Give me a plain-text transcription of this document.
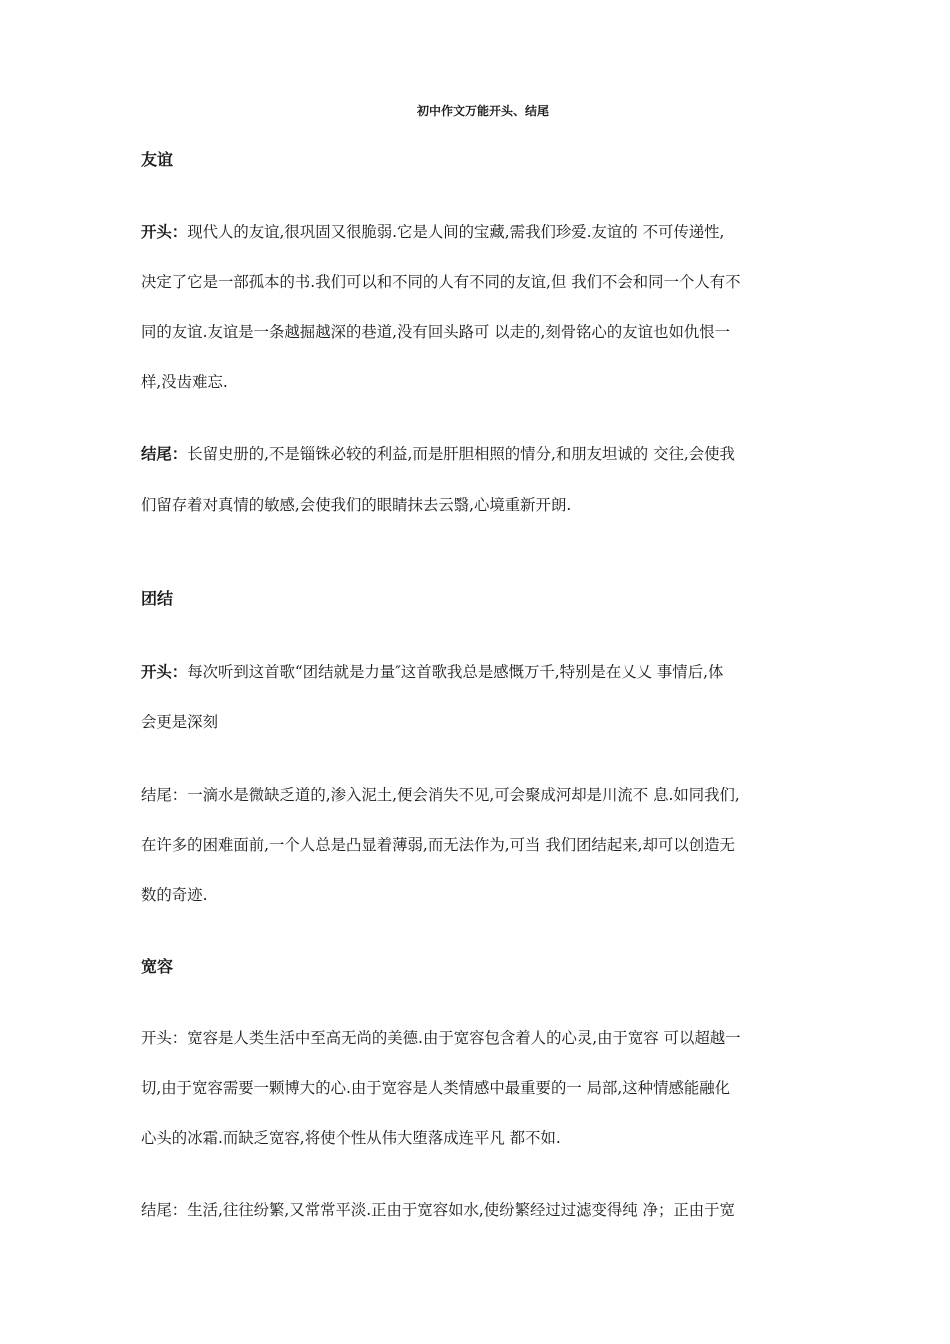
初中作文万能开头、结尾
友谊
开头：现代人的友谊,很巩固又很脆弱.它是人间的宝藏,需我们珍爱.友谊的 不可传递性,
决定了它是一部孤本的书.我们可以和不同的人有不同的友谊,但 我们不会和同一个人有不
同的友谊.友谊是一条越掘越深的巷道,没有回头路可 以走的,刻骨铭心的友谊也如仇恨一
样,没齿难忘.
结尾：长留史册的,不是锱铢必较的利益,而是肝胆相照的情分,和朋友坦诚的 交往,会使我
们留存着对真情的敏感,会使我们的眼睛抹去云翳,心境重新开朗.
团结
开头：每次听到这首歌“团结就是力量″这首歌我总是感慨万千,特别是在乂乂 事情后,体
会更是深刻
结尾：一滴水是微缺乏道的,渗入泥土,便会消失不见,可会聚成河却是川流不 息.如同我们,
在许多的困难面前,一个人总是凸显着薄弱,而无法作为,可当 我们团结起来,却可以创造无
数的奇迹.
宽容
开头：宽容是人类生活中至高无尚的美德.由于宽容包含着人的心灵,由于宽容 可以超越一
切,由于宽容需要一颗博大的心.由于宽容是人类情感中最重要的一 局部,这种情感能融化
心头的冰霜.而缺乏宽容,将使个性从伟大堕落成连平凡 都不如.
结尾：生活,往往纷繁,又常常平淡.正由于宽容如水,使纷繁经过过滤变得纯 净；正由于宽
